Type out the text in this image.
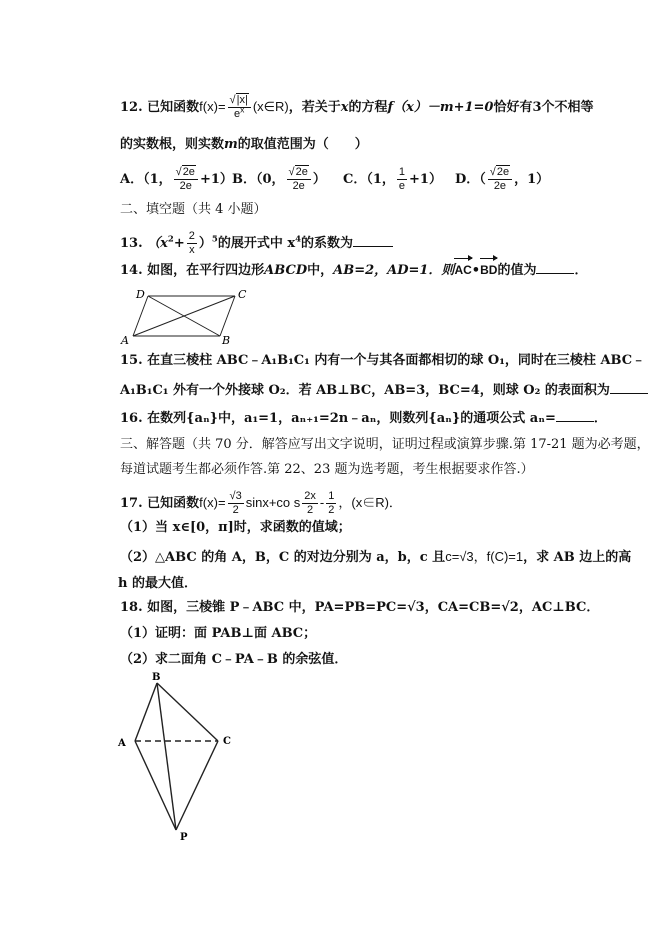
12. 已知函数$f(x)= \frac{√|x|}{e^x}$ (x∈R)，若关于x的方程f（x）－m+1=0恰好有3个不相等
的实数根，则实数m的取值范围为（　　）
A．（1， $\frac{√2e}{2e} +1$） B．（0， $\frac{√2e}{2e}$ ） C．（1， $\frac{1}{e} +1$） D．（ $\frac{√2e}{2e}$ ，1）
二、填空题（共 4 小题）
13. $(x^2+ \frac{2}{x} )^5$的展开式中 $x^4$的系数为
14. 如图，在平行四边形ABCD中，AB=2，AD=1．则AC•BD的值为	．
D	C
A	B
15. 在直三棱柱 ABC﹣A₁B₁C₁ 内有一个与其各面都相切的球 O₁，同时在三棱柱 ABC﹣
A₁B₁C₁ 外有一个外接球 O₂．若 AB⊥BC，AB=3，BC=4，则球 O₂ 的表面积为
16. 在数列{aₙ}中，a₁=1，aₙ₊₁=2n﹣aₙ，则数列{aₙ}的通项公式 aₙ=	．
三、解答题（共 70 分．解答应写出文字说明，证明过程或演算步骤.第 17-21 题为必考题，
每道试题考生都必须作答.第 22、23 题为选考题，考生根据要求作答.）
17. 已知函数$f(x)= \frac{√3}{2} \sin x+co$ s $\frac{2x}{2} - \frac{1}{2}$ ，(x∈R)．
（1）当 x∈[0，π]时，求函数的值域；
（2）△ABC 的角 A，B，C 的对边分别为 a，b，c 且c=√3，f(C)=1，求 AB 边上的高
h 的最大值．
18. 如图，三棱锥 P﹣ABC 中，PA=PB=PC=√3，CA=CB=√2，AC⊥BC．
（1）证明：面 PAB⊥面 ABC；
（2）求二面角 C﹣PA﹣B 的余弦值．
B
A	C
P
